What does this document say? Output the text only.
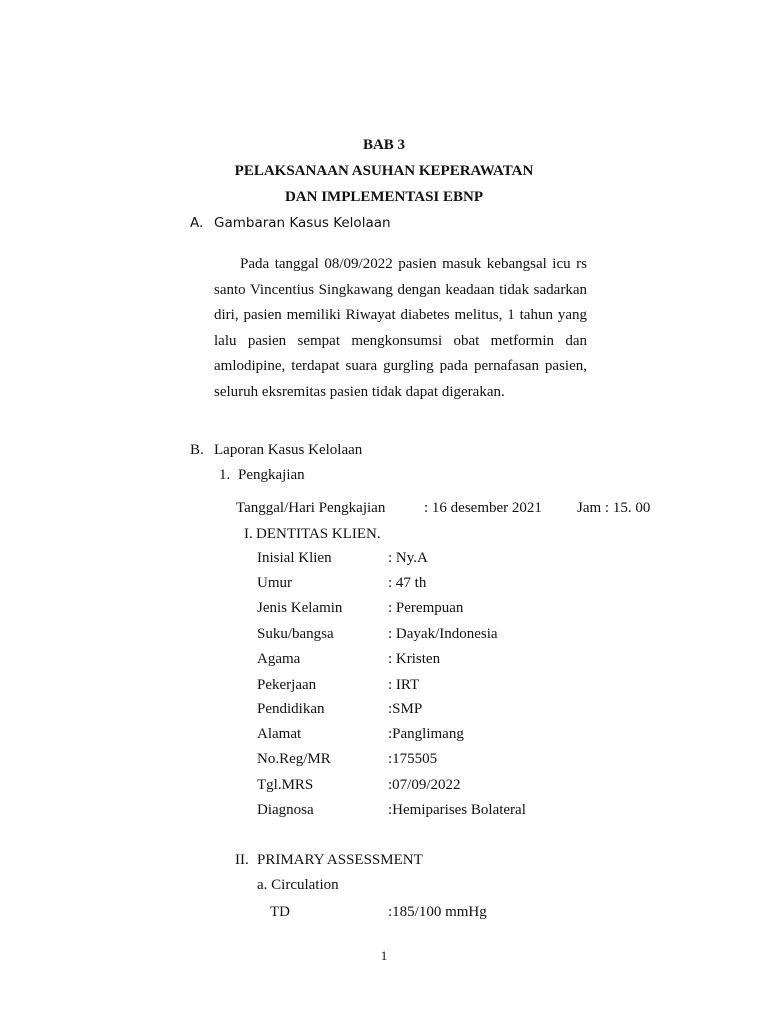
BAB 3
PELAKSANAAN ASUHAN KEPERAWATAN
DAN IMPLEMENTASI EBNP
A. Gambaran Kasus Kelolaan
Pada tanggal 08/09/2022 pasien masuk kebangsal icu rs santo Vincentius Singkawang dengan keadaan tidak sadarkan diri, pasien memiliki Riwayat diabetes melitus, 1 tahun yang lalu pasien sempat mengkonsumsi obat metformin dan amlodipine, terdapat suara gurgling pada pernafasan pasien, seluruh eksremitas pasien tidak dapat digerakan.
B. Laporan Kasus Kelolaan
1. Pengkajian
Tanggal/Hari Pengkajian	: 16 desember 2021 Jam : 15. 00
I. DENTITAS KLIEN.
Inisial Klien	: Ny.A
Umur	: 47 th
Jenis Kelamin	: Perempuan
Suku/bangsa	: Dayak/Indonesia
Agama	: Kristen
Pekerjaan	: IRT
Pendidikan	:SMP
Alamat	:Panglimang
No.Reg/MR	:175505
Tgl.MRS	:07/09/2022
Diagnosa	:Hemiparises Bolateral
II. PRIMARY ASSESSMENT
a. Circulation
TD	:185/100 mmHg
1
